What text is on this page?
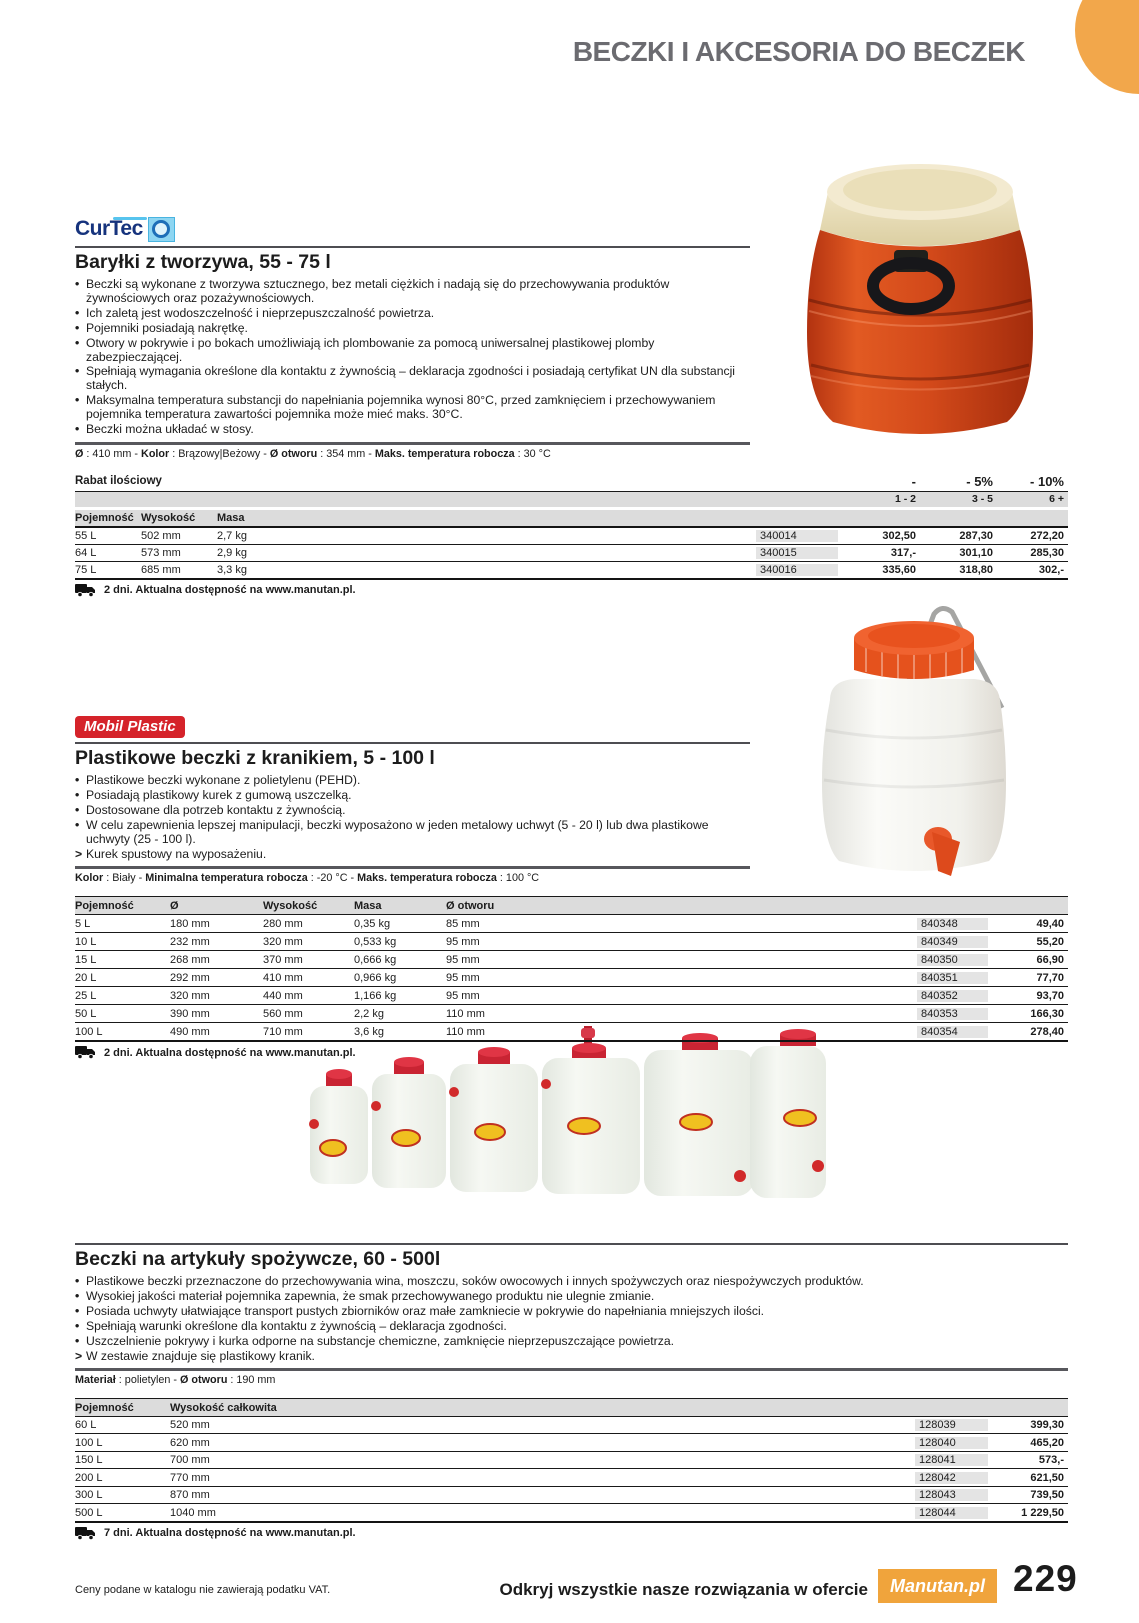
BECZKI I AKCESORIA DO BECZEK
CurTec
Baryłki z tworzywa, 55 - 75 l
• Beczki są wykonane z tworzywa sztucznego, bez metali ciężkich i nadają się do przechowywania produktów żywnościowych oraz pozażywnościowych.
• Ich zaletą jest wodoszczelność i nieprzepuszczalność powietrza.
• Pojemniki posiadają nakrętkę.
• Otwory w pokrywie i po bokach umożliwiają ich plombowanie za pomocą uniwersalnej plastikowej plomby zabezpieczającej.
• Spełniają wymagania określone dla kontaktu z żywnością – deklaracja zgodności i posiadają certyfikat UN dla substancji stałych.
• Maksymalna temperatura substancji do napełniania pojemnika wynosi 80°C, przed zamknięciem i przechowywaniem pojemnika temperatura zawartości pojemnika może mieć maks. 30°C.
• Beczki można układać w stosy.
Ø : 410 mm - Kolor : Brązowy|Beżowy - Ø otworu : 354 mm - Maks. temperatura robocza : 30 °C
Rabat ilościowy	-	- 5%	- 10%
1 - 2	3 - 5	6 +
Pojemność Wysokość	Masa
55 L	502 mm	2,7 kg	340014	302,50	287,30	272,20
64 L	573 mm	2,9 kg	340015	317,-	301,10	285,30
75 L	685 mm	3,3 kg	340016	335,60	318,80	302,-
2 dni. Aktualna dostępność na www.manutan.pl.
Mobil Plastic
Plastikowe beczki z kranikiem, 5 - 100 l
• Plastikowe beczki wykonane z polietylenu (PEHD).
• Posiadają plastikowy kurek z gumową uszczelką.
• Dostosowane dla potrzeb kontaktu z żywnością.
• W celu zapewnienia lepszej manipulacji, beczki wyposażono w jeden metalowy uchwyt (5 - 20 l) lub dwa plastikowe uchwyty (25 - 100 l).
> Kurek spustowy na wyposażeniu.
Kolor : Biały - Minimalna temperatura robocza : -20 °C - Maks. temperatura robocza : 100 °C
Pojemność	Ø	Wysokość	Masa	Ø otworu
5 L	180 mm	280 mm	0,35 kg	85 mm	840348	49,40
10 L	232 mm	320 mm	0,533 kg	95 mm	840349	55,20
15 L	268 mm	370 mm	0,666 kg	95 mm	840350	66,90
20 L	292 mm	410 mm	0,966 kg	95 mm	840351	77,70
25 L	320 mm	440 mm	1,166 kg	95 mm	840352	93,70
50 L	390 mm	560 mm	2,2 kg	110 mm	840353	166,30
100 L	490 mm	710 mm	3,6 kg	110 mm	840354	278,40
2 dni. Aktualna dostępność na www.manutan.pl.
Beczki na artykuły spożywcze, 60 - 500l
• Plastikowe beczki przeznaczone do przechowywania wina, moszczu, soków owocowych i innych spożywczych oraz niespożywczych produktów.
• Wysokiej jakości materiał pojemnika zapewnia, że smak przechowywanego produktu nie ulegnie zmianie.
• Posiada uchwyty ułatwiające transport pustych zbiorników oraz małe zamkniecie w pokrywie do napełniania mniejszych ilości.
• Spełniają warunki określone dla kontaktu z żywnością – deklaracja zgodności.
• Uszczelnienie pokrywy i kurka odporne na substancje chemiczne, zamknięcie nieprzepuszczające powietrza.
> W zestawie znajduje się plastikowy kranik.
Materiał : polietylen - Ø otworu : 190 mm
Pojemność	Wysokość całkowita
60 L	520 mm	128039	399,30
100 L	620 mm	128040	465,20
150 L	700 mm	128041	573,-
200 L	770 mm	128042	621,50
300 L	870 mm	128043	739,50
500 L	1040 mm	128044	1 229,50
7 dni. Aktualna dostępność na www.manutan.pl.
Ceny podane w katalogu nie zawierają podatku VAT.	Odkryj wszystkie nasze rozwiązania w ofercie	Manutan.pl 229
